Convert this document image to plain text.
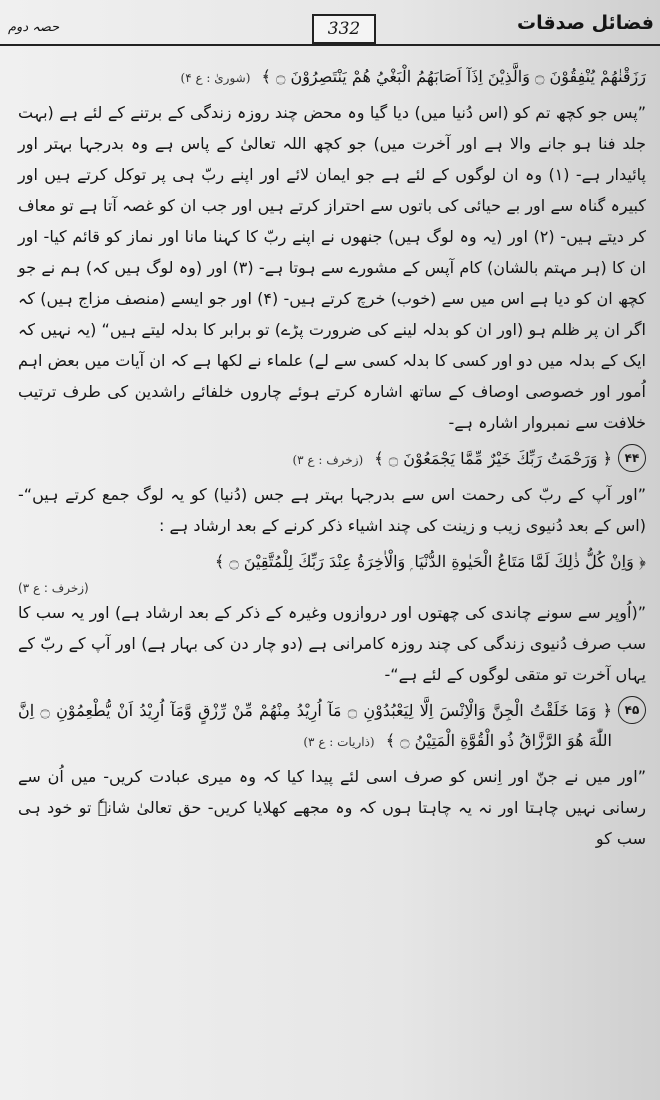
فضائل صدقات
332
حصہ دوم
رَزَقْنٰهُمْ يُنْفِقُوْنَ ۝ وَالَّذِيْنَ اِذَآ اَصَابَهُمُ الْبَغْيُ هُمْ يَنْتَصِرُوْنَ ۝ ﴾ (شوریٰ : ع ۴)

”پس جو کچھ تم کو (اس دُنیا میں) دیا گیا وہ محض چند روزہ زندگی کے برتنے کے لئے ہے (بہت جلد فنا ہو جانے والا ہے اور آخرت میں) جو کچھ اللہ تعالیٰ کے پاس ہے وہ بدرجہا بہتر اور پائیدار ہے- (۱) وہ ان لوگوں کے لئے ہے جو ایمان لائے اور اپنے ربّ ہی پر توکل کرتے ہیں اور کبیرہ گناہ سے اور بے حیائی کی باتوں سے احتراز کرتے ہیں اور جب ان کو غصہ آتا ہے تو معاف کر دیتے ہیں- (۲) اور (یہ وہ لوگ ہیں) جنھوں نے اپنے ربّ کا کہنا مانا اور نماز کو قائم کیا- اور ان کا (ہر مہتم بالشان) کام آپس کے مشورے سے ہوتا ہے- (۳) اور (وہ لوگ ہیں کہ) ہم نے جو کچھ ان کو دیا ہے اس میں سے (خوب) خرچ کرتے ہیں- (۴) اور جو ایسے (منصف مزاج ہیں) کہ اگر ان پر ظلم ہو (اور ان کو بدلہ لینے کی ضرورت پڑے) تو برابر کا بدلہ لیتے ہیں“ (یہ نہیں کہ ایک کے بدلہ میں دو اور کسی کا بدلہ کسی سے لے) علماء نے لکھا ہے کہ ان آیات میں بعض اہم اُمور اور خصوصی اوصاف کے ساتھ اشارہ کرتے ہوئے چاروں خلفائے راشدین کی طرف ترتیب خلافت سے نمبروار اشارہ ہے-

۴۴
﴿ وَرَحْمَتُ رَبِّكَ خَيْرٌ مِّمَّا يَجْمَعُوْنَ ۝ ﴾ (زخرف : ع ۳)

”اور آپ کے ربّ کی رحمت اس سے بدرجہا بہتر ہے جس (دُنیا) کو یہ لوگ جمع کرتے ہیں“- (اس کے بعد دُنیوی زیب و زینت کی چند اشیاء ذکر کرنے کے بعد ارشاد ہے :

﴿ وَاِنْ كُلُّ ذٰلِكَ لَمَّا مَتَاعُ الْحَيٰوةِ الدُّنْيَا ۭ وَالْاٰخِرَةُ عِنْدَ رَبِّكَ لِلْمُتَّقِيْنَ ۝ ﴾
(زخرف : ع ۳)

”(اُوپر سے سونے چاندی کی چھتوں اور دروازوں وغیرہ کے ذکر کے بعد ارشاد ہے) اور یہ سب کا سب صرف دُنیوی زندگی کی چند روزہ کامرانی ہے (دو چار دن کی بہار ہے) اور آپ کے ربّ کے یہاں آخرت تو متقی لوگوں کے لئے ہے“-

۴۵
﴿ وَمَا خَلَقْتُ الْجِنَّ وَالْاِنْسَ اِلَّا لِيَعْبُدُوْنِ ۝ مَآ اُرِيْدُ مِنْهُمْ مِّنْ رِّزْقٍ وَّمَآ اُرِيْدُ اَنْ يُّطْعِمُوْنِ ۝ اِنَّ اللّٰهَ هُوَ الرَّزَّاقُ ذُو الْقُوَّةِ الْمَتِيْنُ ۝ ﴾ (ذاریات : ع ۳)

”اور میں نے جنّ اور اِنس کو صرف اسی لئے پیدا کیا کہ وہ میری عبادت کریں- میں اُن سے رسانی نہیں چاہتا اور نہ یہ چاہتا ہوں کہ وہ مجھے کھلایا کریں- حق تعالیٰ شانہٗ تو خود ہی سب کو
